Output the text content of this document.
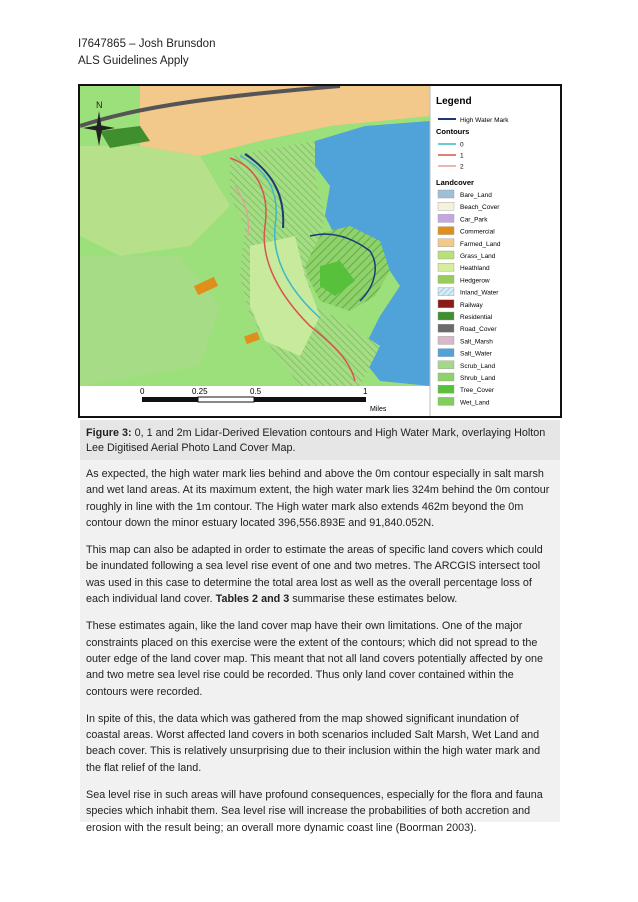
I7647865 – Josh Brunsdon
ALS Guidelines Apply
N
0	0.25	0.5	1
Miles
Legend
High Water Mark
Contours
0
1
2
Landcover
Bare_Land
Beach_Cover
Car_Park
Commercial
Farmed_Land
Grass_Land
Heathland
Hedgerow
Inland_Water
Railway
Residential
Road_Cover
Salt_Marsh
Salt_Water
Scrub_Land
Shrub_Land
Tree_Cover
Wet_Land
Figure 3: 0, 1 and 2m Lidar-Derived Elevation contours and High Water Mark, overlaying Holton Lee Digitised Aerial Photo Land Cover Map.

As expected, the high water mark lies behind and above the 0m contour especially in salt marsh and wet land areas. At its maximum extent, the high water mark lies 324m behind the 0m contour roughly in line with the 1m contour. The High water mark also extends 462m beyond the 0m contour down the minor estuary located 396,556.893E and 91,840.052N.

This map can also be adapted in order to estimate the areas of specific land covers which could be inundated following a sea level rise event of one and two metres. The ARCGIS intersect tool was used in this case to determine the total area lost as well as the overall percentage loss of each individual land cover. Tables 2 and 3 summarise these estimates below.

These estimates again, like the land cover map have their own limitations. One of the major constraints placed on this exercise were the extent of the contours; which did not spread to the outer edge of the land cover map. This meant that not all land covers potentially affected by one and two metre sea level rise could be recorded. Thus only land cover contained within the contours were recorded.

In spite of this, the data which was gathered from the map showed significant inundation of coastal areas. Worst affected land covers in both scenarios included Salt Marsh, Wet Land and beach cover. This is relatively unsurprising due to their inclusion within the high water mark and the flat relief of the land.

Sea level rise in such areas will have profound consequences, especially for the flora and fauna species which inhabit them. Sea level rise will increase the probabilities of both accretion and erosion with the result being; an overall more dynamic coast line (Boorman 2003).
